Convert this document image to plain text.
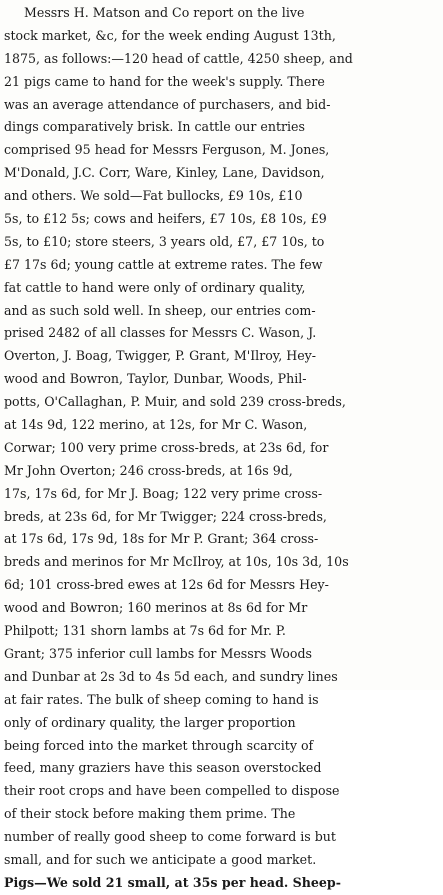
Messrs H. Matson and Co report on the live
stock market, &c, for the week ending August 13th,
1875, as follows:—120 head of cattle, 4250 sheep, and
21 pigs came to hand for the week's supply. There
was an average attendance of purchasers, and bid-
dings comparatively brisk. In cattle our entries
comprised 95 head for Messrs Ferguson, M. Jones,
M'Donald, J.C. Corr, Ware, Kinley, Lane, Davidson,
and others. We sold—Fat bullocks, £9 10s, £10
5s, to £12 5s; cows and heifers, £7 10s, £8 10s, £9
5s, to £10; store steers, 3 years old, £7, £7 10s, to
£7 17s 6d; young cattle at extreme rates. The few
fat cattle to hand were only of ordinary quality,
and as such sold well. In sheep, our entries com-
prised 2482 of all classes for Messrs C. Wason, J.
Overton, J. Boag, Twigger, P. Grant, M'Ilroy, Hey-
wood and Bowron, Taylor, Dunbar, Woods, Phil-
potts, O'Callaghan, P. Muir, and sold 239 cross-breds,
at 14s 9d, 122 merino, at 12s, for Mr C. Wason,
Corwar; 100 very prime cross-breds, at 23s 6d, for
Mr John Overton; 246 cross-breds, at 16s 9d,
17s, 17s 6d, for Mr J. Boag; 122 very prime cross-
breds, at 23s 6d, for Mr Twigger; 224 cross-breds,
at 17s 6d, 17s 9d, 18s for Mr P. Grant; 364 cross-
breds and merinos for Mr McIlroy, at 10s, 10s 3d, 10s
6d; 101 cross-bred ewes at 12s 6d for Messrs Hey-
wood and Bowron; 160 merinos at 8s 6d for Mr
Philpott; 131 shorn lambs at 7s 6d for Mr. P.
Grant; 375 inferior cull lambs for Messrs Woods
and Dunbar at 2s 3d to 4s 5d each, and sundry lines
at fair rates. The bulk of sheep coming to hand is
only of ordinary quality, the larger proportion
being forced into the market through scarcity of
feed, many graziers have this season overstocked
their root crops and have been compelled to dispose
of their stock before making them prime. The
number of really good sheep to come forward is but
small, and for such we anticipate a good market.
Pigs—We sold 21 small, at 35s per head. Sheep-
